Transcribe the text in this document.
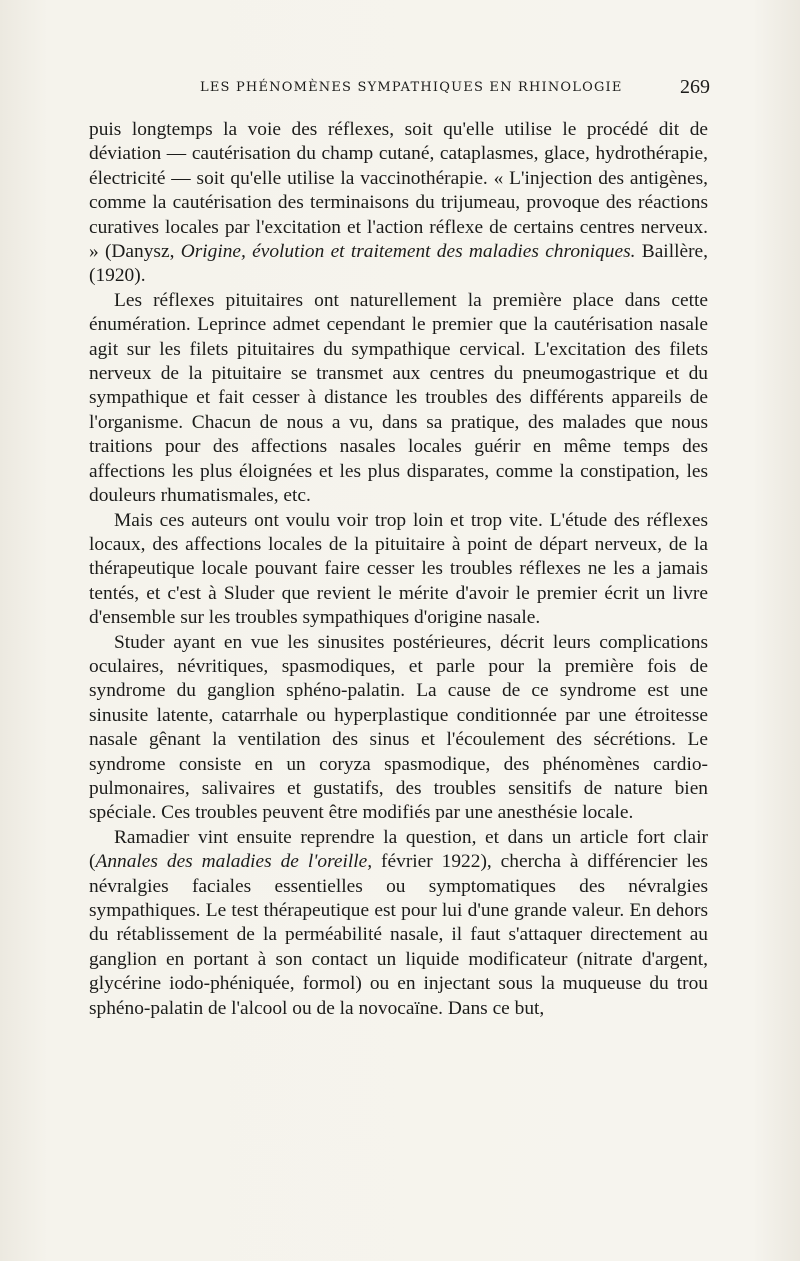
LES PHÉNOMÈNES SYMPATHIQUES EN RHINOLOGIE	269

puis longtemps la voie des réflexes, soit qu'elle utilise le procédé dit de déviation — cautérisation du champ cutané, cataplasmes, glace, hydrothérapie, électricité — soit qu'elle utilise la vaccinothérapie. « L'injection des antigènes, comme la cautérisation des terminaisons du trijumeau, provoque des réactions curatives locales par l'excitation et l'action réflexe de certains centres nerveux. » (Danysz, Origine, évolution et traitement des maladies chroniques. Baillère, (1920).

Les réflexes pituitaires ont naturellement la première place dans cette énumération. Leprince admet cependant le premier que la cautérisation nasale agit sur les filets pituitaires du sympathique cervical. L'excitation des filets nerveux de la pituitaire se transmet aux centres du pneumogastrique et du sympathique et fait cesser à distance les troubles des différents appareils de l'organisme. Chacun de nous a vu, dans sa pratique, des malades que nous traitions pour des affections nasales locales guérir en même temps des affections les plus éloignées et les plus disparates, comme la constipation, les douleurs rhumatismales, etc.

Mais ces auteurs ont voulu voir trop loin et trop vite. L'étude des réflexes locaux, des affections locales de la pituitaire à point de départ nerveux, de la thérapeutique locale pouvant faire cesser les troubles réflexes ne les a jamais tentés, et c'est à Sluder que revient le mérite d'avoir le premier écrit un livre d'ensemble sur les troubles sympathiques d'origine nasale.

Studer ayant en vue les sinusites postérieures, décrit leurs complications oculaires, névritiques, spasmodiques, et parle pour la première fois de syndrome du ganglion sphéno-palatin. La cause de ce syndrome est une sinusite latente, catarrhale ou hyperplastique conditionnée par une étroitesse nasale gênant la ventilation des sinus et l'écoulement des sécrétions. Le syndrome consiste en un coryza spasmodique, des phénomènes cardio-pulmonaires, salivaires et gustatifs, des troubles sensitifs de nature bien spéciale. Ces troubles peuvent être modifiés par une anesthésie locale.

Ramadier vint ensuite reprendre la question, et dans un article fort clair (Annales des maladies de l'oreille, février 1922), chercha à différencier les névralgies faciales essentielles ou symptomatiques des névralgies sympathiques. Le test thérapeutique est pour lui d'une grande valeur. En dehors du rétablissement de la perméabilité nasale, il faut s'attaquer directement au ganglion en portant à son contact un liquide modificateur (nitrate d'argent, glycérine iodo-phéniquée, formol) ou en injectant sous la muqueuse du trou sphéno-palatin de l'alcool ou de la novocaïne. Dans ce but,
